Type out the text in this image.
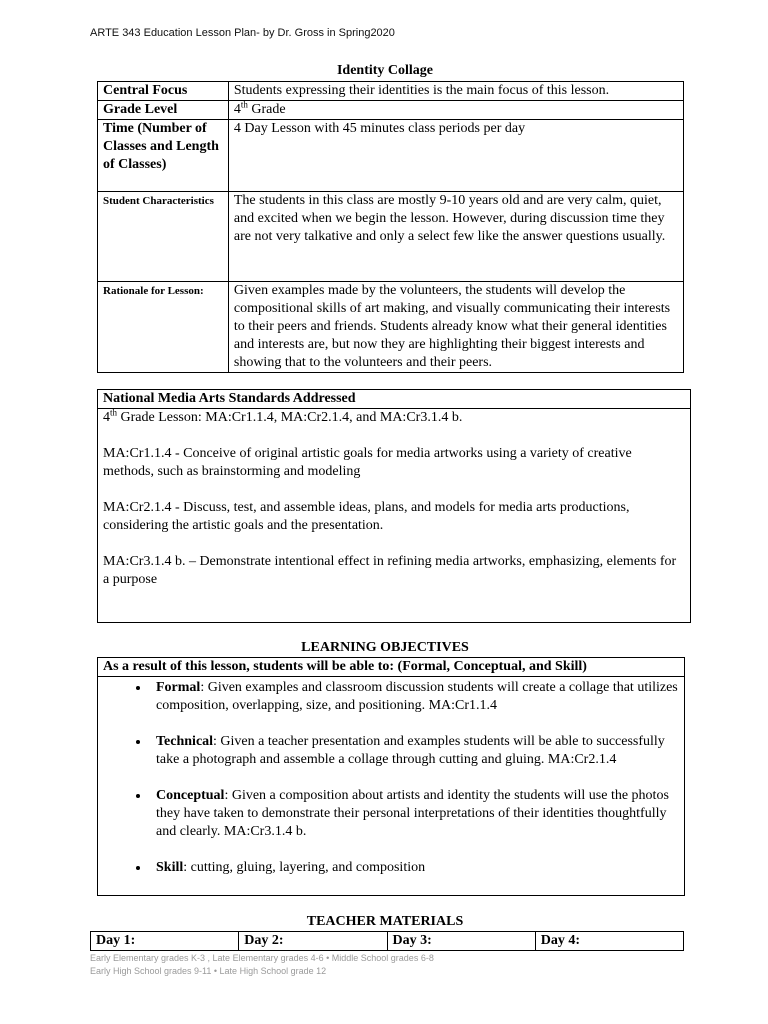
ARTE 343 Education Lesson Plan- by Dr. Gross in Spring2020
Identity Collage
Central Focus	Students expressing their identities is the main focus of this lesson.
Grade Level	4th Grade
Time (Number of Classes and Length of Classes)	4 Day Lesson with 45 minutes class periods per day
Student Characteristics	The students in this class are mostly 9-10 years old and are very calm, quiet, and excited when we begin the lesson. However, during discussion time they are not very talkative and only a select few like the answer questions usually.
Rationale for Lesson:	Given examples made by the volunteers, the students will develop the compositional skills of art making, and visually communicating their interests to their peers and friends. Students already know what their general identities and interests are, but now they are highlighting their biggest interests and showing that to the volunteers and their peers.
National Media Arts Standards Addressed

4th Grade Lesson: MA:Cr1.1.4, MA:Cr2.1.4, and MA:Cr3.1.4 b.

MA:Cr1.1.4 - Conceive of original artistic goals for media artworks using a variety of creative methods, such as brainstorming and modeling

MA:Cr2.1.4 - Discuss, test, and assemble ideas, plans, and models for media arts productions, considering the artistic goals and the presentation.

MA:Cr3.1.4 b. – Demonstrate intentional effect in refining media artworks, emphasizing, elements for a purpose

LEARNING OBJECTIVES
As a result of this lesson, students will be able to: (Formal, Conceptual, and Skill)
• Formal: Given examples and classroom discussion students will create a collage that utilizes composition, overlapping, size, and positioning. MA:Cr1.1.4
• Technical: Given a teacher presentation and examples students will be able to successfully take a photograph and assemble a collage through cutting and gluing. MA:Cr2.1.4
• Conceptual: Given a composition about artists and identity the students will use the photos they have taken to demonstrate their personal interpretations of their identities thoughtfully and clearly. MA:Cr3.1.4 b.
• Skill: cutting, gluing, layering, and composition
TEACHER MATERIALS
Day 1:	Day 2:	Day 3:	Day 4:
Early Elementary grades K-3 , Late Elementary grades 4-6 • Middle School grades 6-8
Early High School grades 9-11 • Late High School grade 12
